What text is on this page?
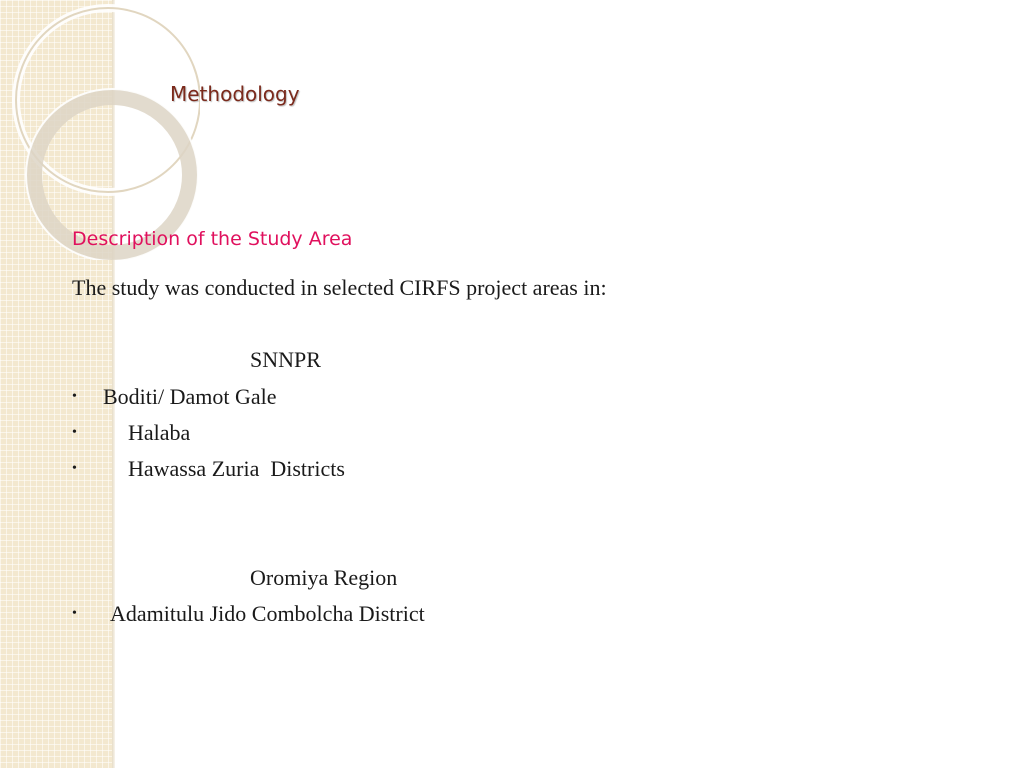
Methodology
Description of the Study Area
The study was conducted in selected CIRFS project areas in:
SNNPR
• Boditi/ Damot Gale
• Halaba
• Hawassa Zuria  Districts
Oromiya Region
• Adamitulu Jido Combolcha District
